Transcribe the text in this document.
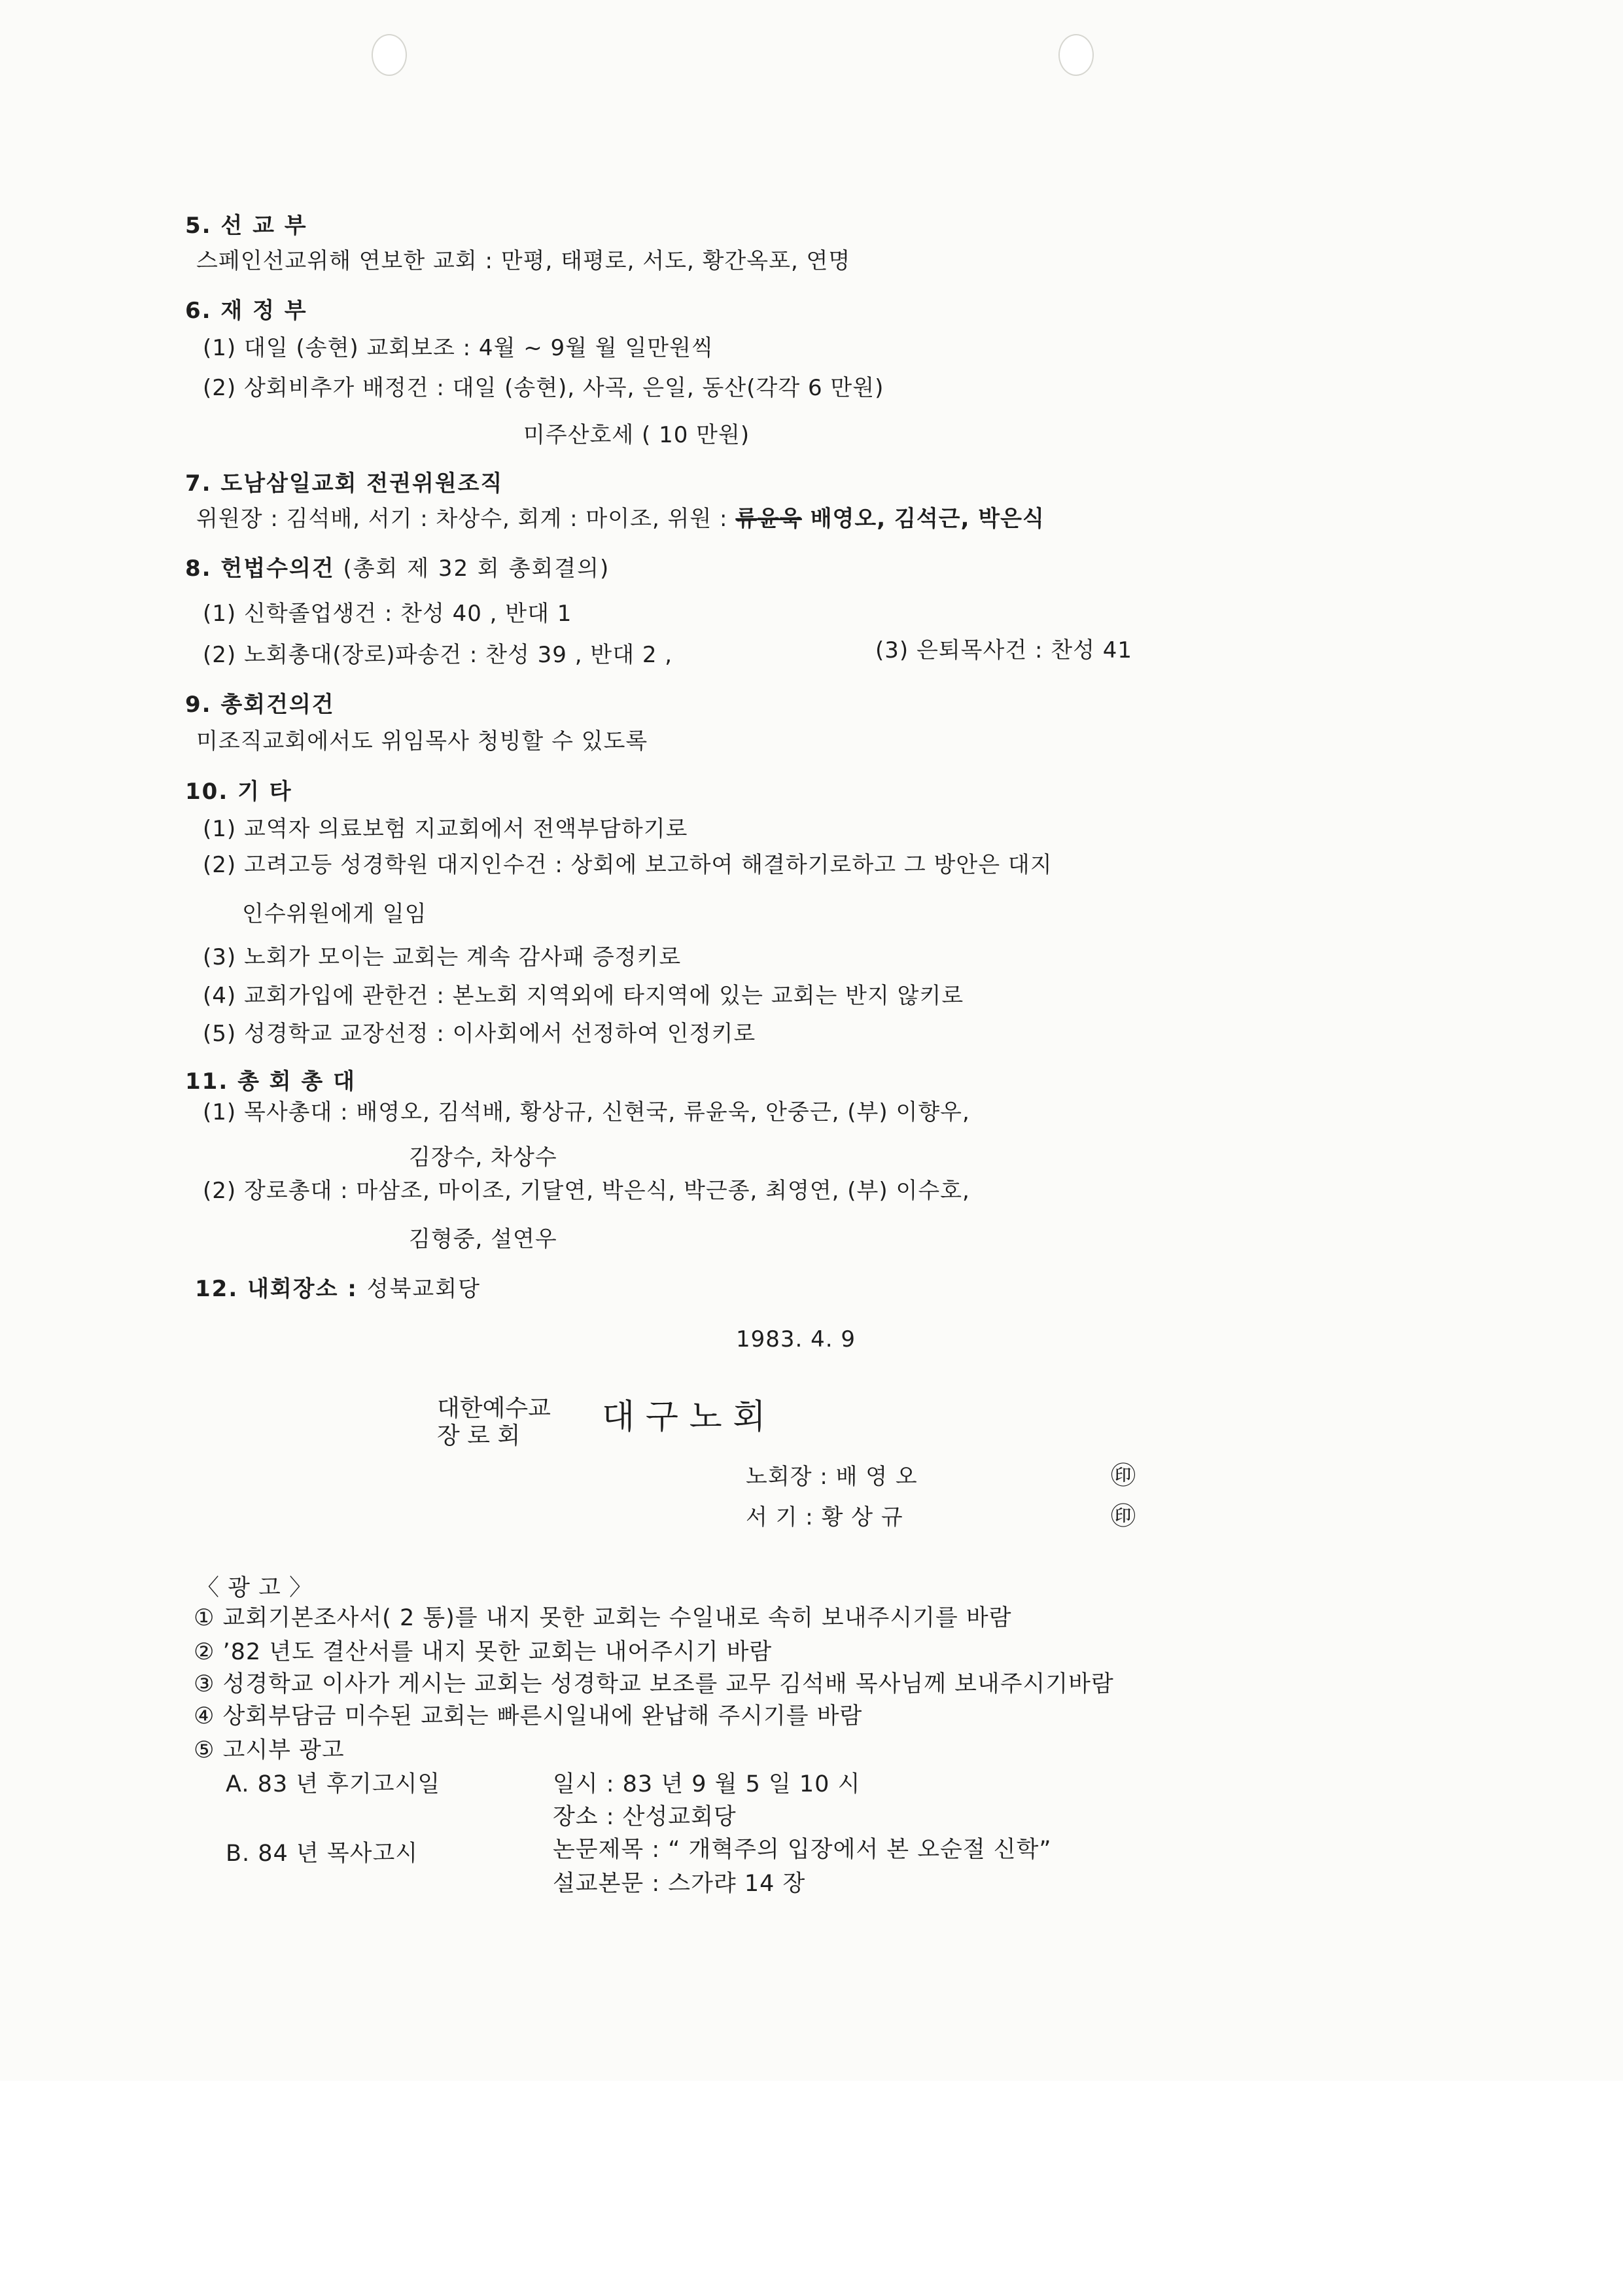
5. 선 교 부
스페인선교위해 연보한 교회 : 만평, 태평로, 서도, 황간옥포, 연명
6. 재 정 부
(1) 대일 (송현) 교회보조 : 4월 ~ 9월 월 일만원씩
(2) 상회비추가 배정건 : 대일 (송현), 사곡, 은일, 동산(각각 6 만원)
미주산호세 ( 10 만원)
7. 도남삼일교회 전권위원조직
위원장 : 김석배, 서기 : 차상수, 회계 : 마이조, 위원 : 류윤욱 배영오, 김석근, 박은식
8. 헌법수의건 (총회 제 32 회 총회결의)
(1) 신학졸업생건 : 찬성 40 , 반대 1
(2) 노회총대(장로)파송건 : 찬성 39 , 반대 2 ,	(3) 은퇴목사건 : 찬성 41
9. 총회건의건
미조직교회에서도 위임목사 청빙할 수 있도록
10. 기 타
(1) 교역자 의료보험 지교회에서 전액부담하기로
(2) 고려고등 성경학원 대지인수건 : 상회에 보고하여 해결하기로하고 그 방안은 대지
인수위원에게 일임
(3) 노회가 모이는 교회는 계속 감사패 증정키로
(4) 교회가입에 관한건 : 본노회 지역외에 타지역에 있는 교회는 반지 않키로
(5) 성경학교 교장선정 : 이사회에서 선정하여 인정키로
11. 총 회 총 대
(1) 목사총대 : 배영오, 김석배, 황상규, 신현국, 류윤욱, 안중근, (부) 이향우,
김장수, 차상수
(2) 장로총대 : 마삼조, 마이조, 기달연, 박은식, 박근종, 최영연, (부) 이수호,
김형중, 설연우
12. 내회장소 : 성북교회당
1983. 4. 9
대한예수교
장 로 회 대 구 노 회
노회장 : 배 영 오	㊞
서 기 : 황 상 규	㊞
〈 광 고 〉
① 교회기본조사서( 2 통)를 내지 못한 교회는 수일내로 속히 보내주시기를 바람
② ’82 년도 결산서를 내지 못한 교회는 내어주시기 바람
③ 성경학교 이사가 게시는 교회는 성경학교 보조를 교무 김석배 목사님께 보내주시기바람
④ 상회부담금 미수된 교회는 빠른시일내에 완납해 주시기를 바람
⑤ 고시부 광고
A. 83 년 후기고시일	일시 : 83 년 9 월 5 일 10 시
장소 : 산성교회당
B. 84 년 목사고시	논문제목 : “ 개혁주의 입장에서 본 오순절 신학”
설교본문 : 스가랴 14 장
